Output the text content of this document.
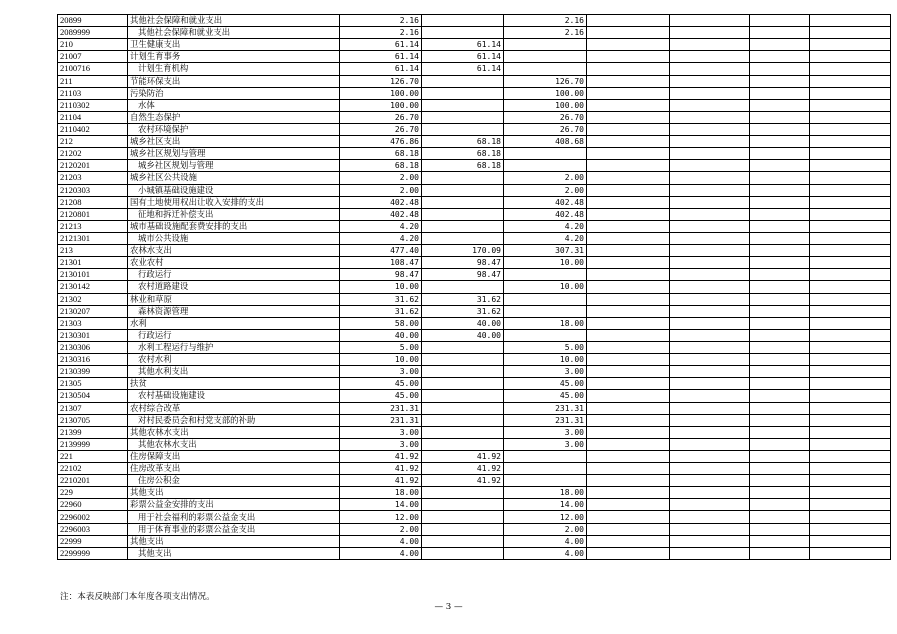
20899	其他社会保障和就业支出	2.16		2.16				
2089999	其他社会保障和就业支出	2.16		2.16				
210	卫生健康支出	61.14	61.14					
21007	计划生育事务	61.14	61.14					
2100716	计划生育机构	61.14	61.14					
211	节能环保支出	126.70		126.70				
21103	污染防治	100.00		100.00				
2110302	水体	100.00		100.00				
21104	自然生态保护	26.70		26.70				
2110402	农村环境保护	26.70		26.70				
212	城乡社区支出	476.86	68.18	408.68				
21202	城乡社区规划与管理	68.18	68.18					
2120201	城乡社区规划与管理	68.18	68.18					
21203	城乡社区公共设施	2.00		2.00				
2120303	小城镇基础设施建设	2.00		2.00				
21208	国有土地使用权出让收入安排的支出	402.48		402.48				
2120801	征地和拆迁补偿支出	402.48		402.48				
21213	城市基础设施配套费安排的支出	4.20		4.20				
2121301	城市公共设施	4.20		4.20				
213	农林水支出	477.40	170.09	307.31				
21301	农业农村	108.47	98.47	10.00				
2130101	行政运行	98.47	98.47					
2130142	农村道路建设	10.00		10.00				
21302	林业和草原	31.62	31.62					
2130207	森林资源管理	31.62	31.62					
21303	水利	58.00	40.00	18.00				
2130301	行政运行	40.00	40.00					
2130306	水利工程运行与维护	5.00		5.00				
2130316	农村水利	10.00		10.00				
2130399	其他水利支出	3.00		3.00				
21305	扶贫	45.00		45.00				
2130504	农村基础设施建设	45.00		45.00				
21307	农村综合改革	231.31		231.31				
2130705	对村民委员会和村党支部的补助	231.31		231.31				
21399	其他农林水支出	3.00		3.00				
2139999	其他农林水支出	3.00		3.00				
221	住房保障支出	41.92	41.92					
22102	住房改革支出	41.92	41.92					
2210201	住房公积金	41.92	41.92					
229	其他支出	18.00		18.00				
22960	彩票公益金安排的支出	14.00		14.00				
2296002	用于社会福利的彩票公益金支出	12.00		12.00				
2296003	用于体育事业的彩票公益金支出	2.00		2.00				
22999	其他支出	4.00		4.00				
2299999	其他支出	4.00		4.00				
注：本表反映部门本年度各项支出情况。
— 3 —
